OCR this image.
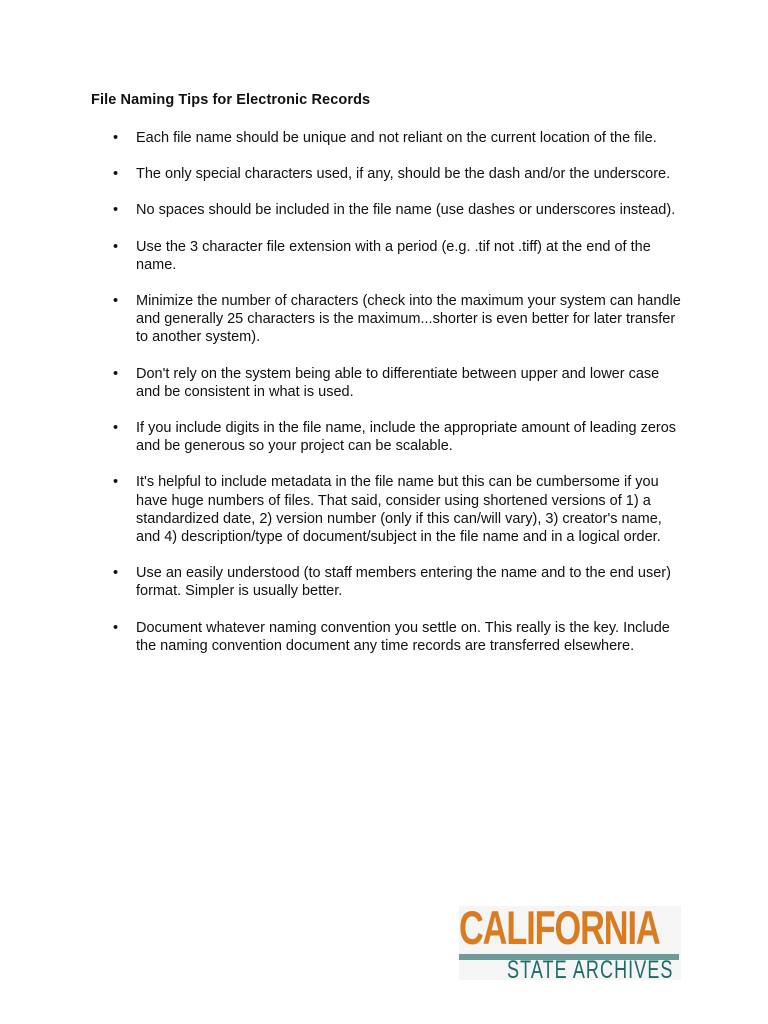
File Naming Tips for Electronic Records
• Each file name should be unique and not reliant on the current location of the file.
• The only special characters used, if any, should be the dash and/or the underscore.
• No spaces should be included in the file name (use dashes or underscores instead).
• Use the 3 character file extension with a period (e.g. .tif not .tiff) at the end of the name.
• Minimize the number of characters (check into the maximum your system can handle and generally 25 characters is the maximum...shorter is even better for later transfer to another system).
• Don't rely on the system being able to differentiate between upper and lower case and be consistent in what is used.
• If you include digits in the file name, include the appropriate amount of leading zeros and be generous so your project can be scalable.
• It's helpful to include metadata in the file name but this can be cumbersome if you have huge numbers of files. That said, consider using shortened versions of 1) a standardized date, 2) version number (only if this can/will vary), 3) creator's name, and 4) description/type of document/subject in the file name and in a logical order.
• Use an easily understood (to staff members entering the name and to the end user) format. Simpler is usually better.
• Document whatever naming convention you settle on. This really is the key. Include the naming convention document any time records are transferred elsewhere.
CALIFORNIA
STATE ARCHIVES
